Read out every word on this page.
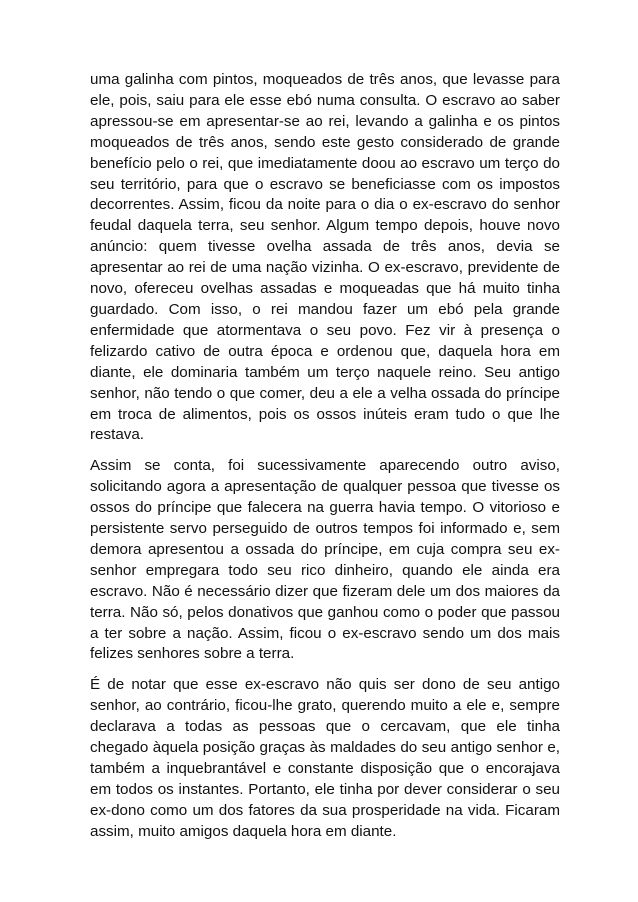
uma galinha com pintos, moqueados de três anos, que levasse para ele, pois, saiu para ele esse ebó numa consulta. O escravo ao saber apressou-se em apresentar-se ao rei, levando a galinha e os pintos moqueados de três anos, sendo este gesto considerado de grande benefício pelo o rei, que imediatamente doou ao escravo um terço do seu território, para que o escravo se beneficiasse com os impostos decorrentes. Assim, ficou da noite para o dia o ex-escravo do senhor feudal daquela terra, seu senhor. Algum tempo depois, houve novo anúncio: quem tivesse ovelha assada de três anos, devia se apresentar ao rei de uma nação vizinha. O ex-escravo, previdente de novo, ofereceu ovelhas assadas e moqueadas que há muito tinha guardado. Com isso, o rei mandou fazer um ebó pela grande enfermidade que atormentava o seu povo. Fez vir à presença o felizardo cativo de outra época e ordenou que, daquela hora em diante, ele dominaria também um terço naquele reino. Seu antigo senhor, não tendo o que comer, deu a ele a velha ossada do príncipe em troca de alimentos, pois os ossos inúteis eram tudo o que lhe restava.

Assim se conta, foi sucessivamente aparecendo outro aviso, solicitando agora a apresentação de qualquer pessoa que tivesse os ossos do príncipe que falecera na guerra havia tempo. O vitorioso e persistente servo perseguido de outros tempos foi informado e, sem demora apresentou a ossada do príncipe, em cuja compra seu ex-senhor empregara todo seu rico dinheiro, quando ele ainda era escravo. Não é necessário dizer que fizeram dele um dos maiores da terra. Não só, pelos donativos que ganhou como o poder que passou a ter sobre a nação. Assim, ficou o ex-escravo sendo um dos mais felizes senhores sobre a terra.

É de notar que esse ex-escravo não quis ser dono de seu antigo senhor, ao contrário, ficou-lhe grato, querendo muito a ele e, sempre declarava a todas as pessoas que o cercavam, que ele tinha chegado àquela posição graças às maldades do seu antigo senhor e, também a inquebrantável e constante disposição que o encorajava em todos os instantes. Portanto, ele tinha por dever considerar o seu ex-dono como um dos fatores da sua prosperidade na vida. Ficaram assim, muito amigos daquela hora em diante.
